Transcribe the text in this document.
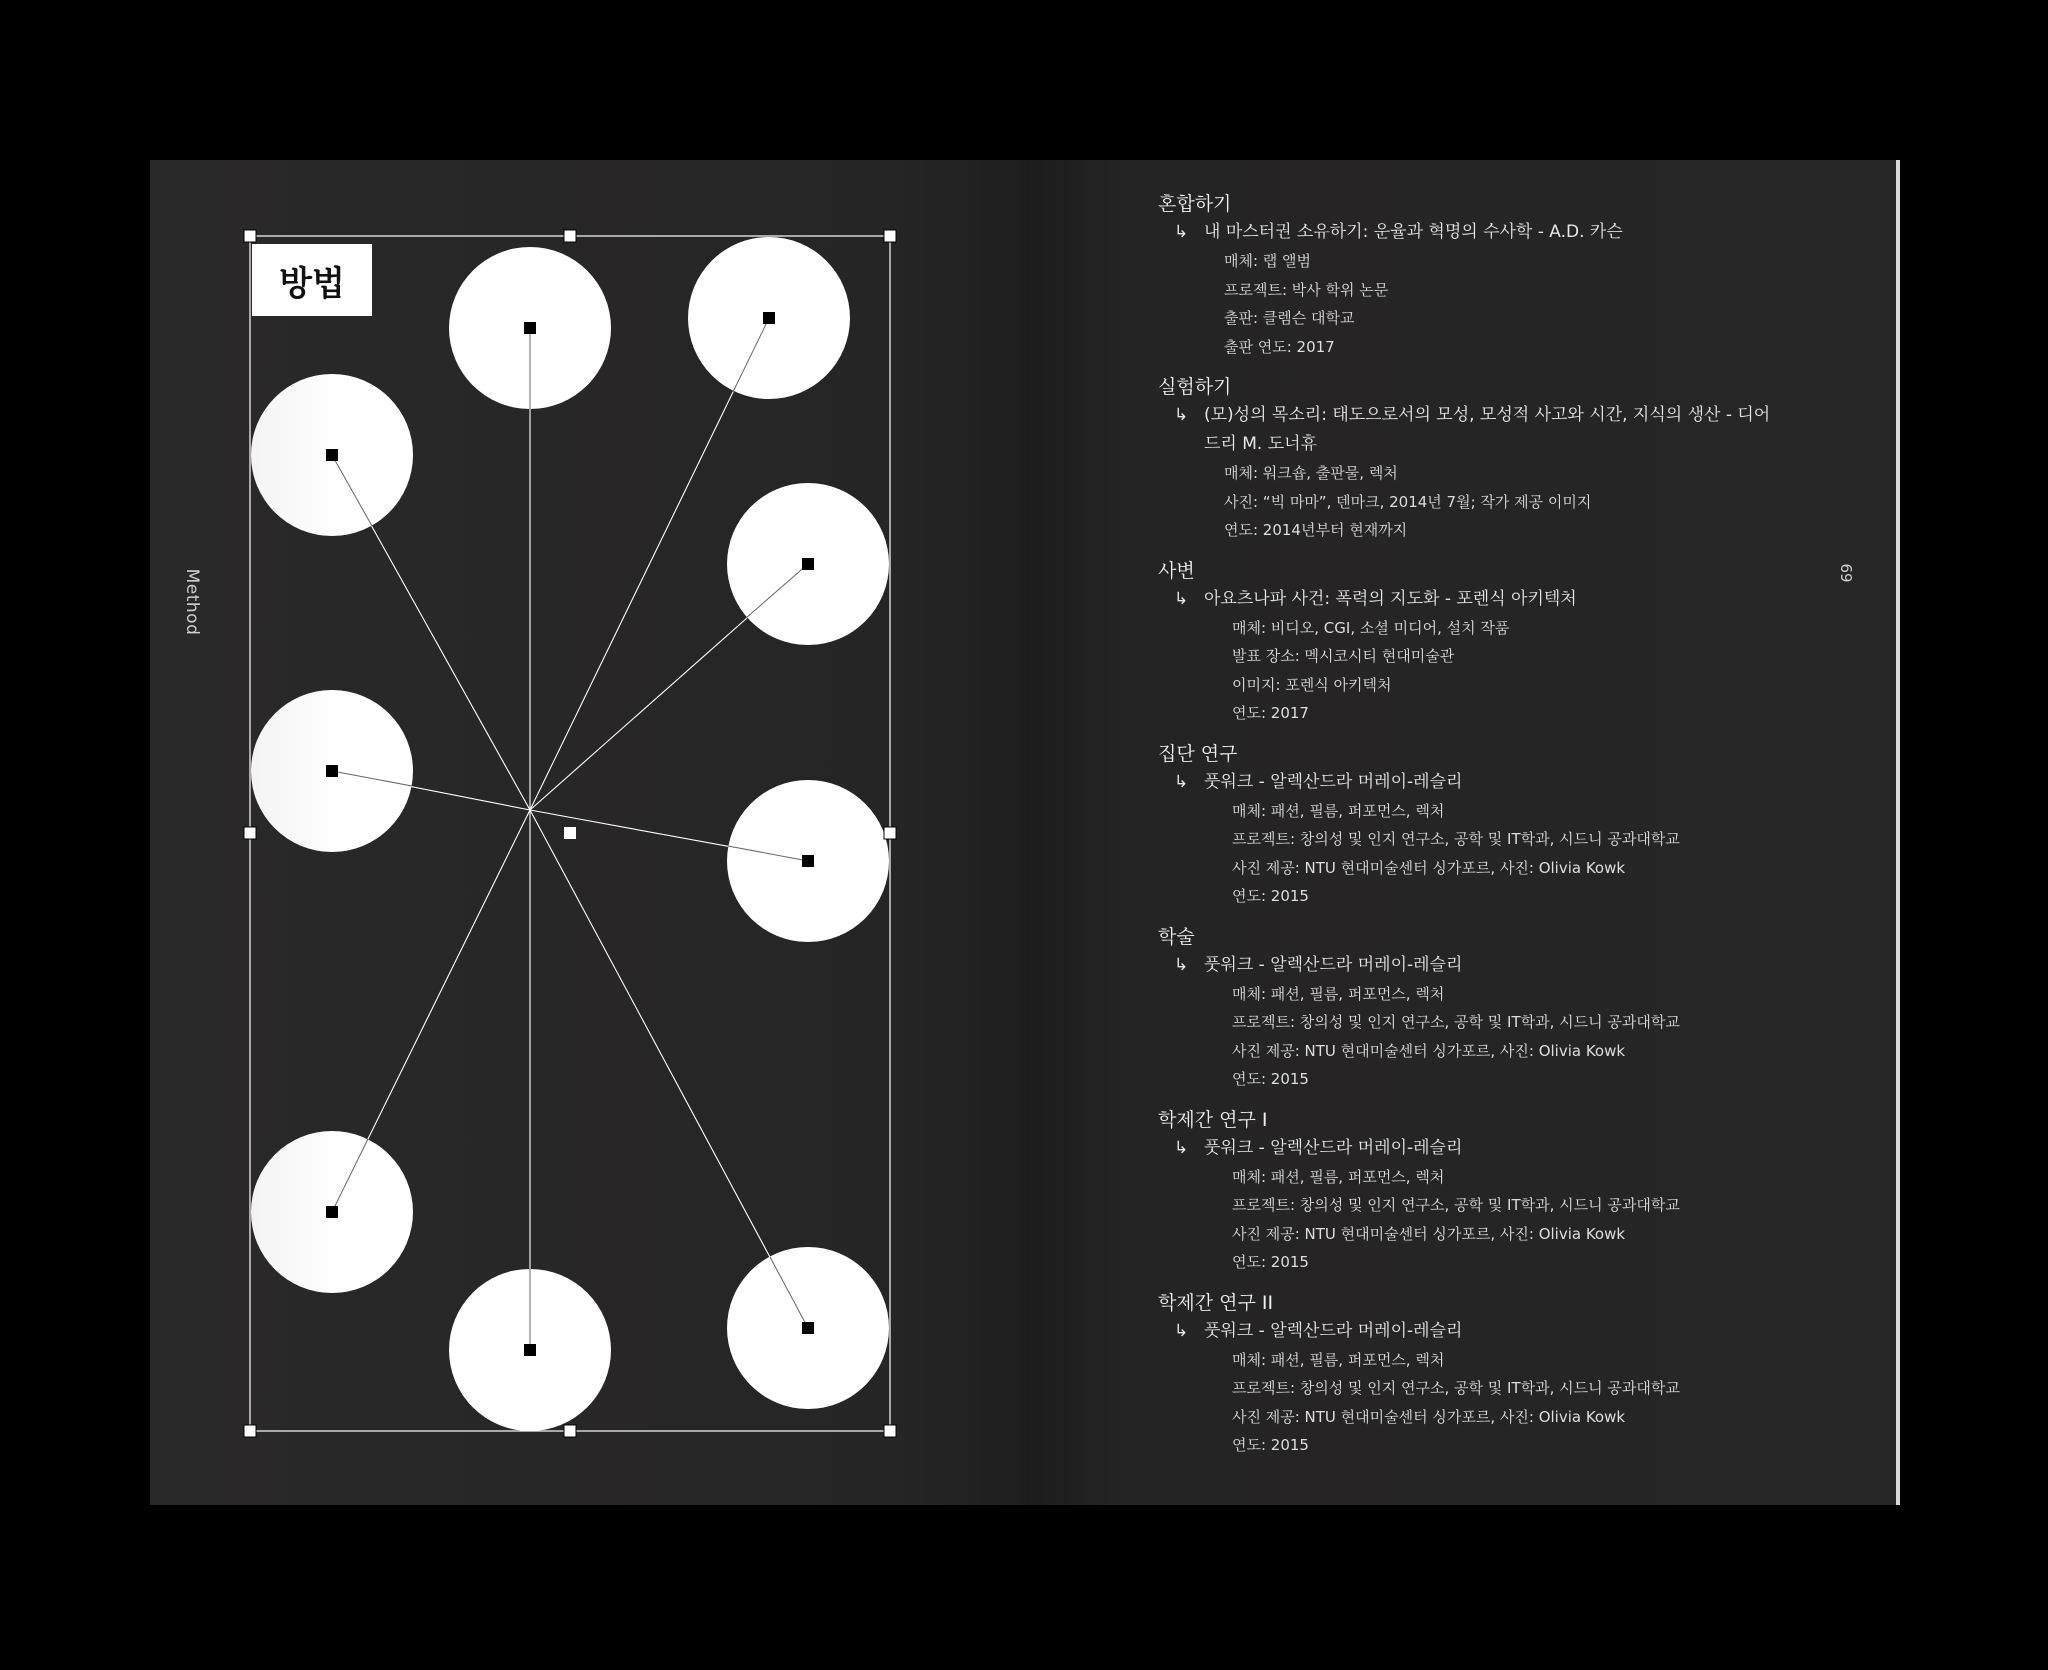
Method	69
방법
혼합하기
↳ 내 마스터권 소유하기: 운율과 혁명의 수사학 - A.D. 카슨
매체: 랩 앨범
프로젝트: 박사 학위 논문
출판: 클렘슨 대학교
출판 연도: 2017
실험하기
↳ (모)성의 목소리: 태도으로서의 모성, 모성적 사고와 시간, 지식의 생산 - 디어드리 M. 도너휴
매체: 워크숍, 출판물, 렉처
사진: “빅 마마”, 덴마크, 2014년 7월; 작가 제공 이미지
연도: 2014년부터 현재까지
사변
↳ 아요츠나파 사건: 폭력의 지도화 - 포렌식 아키텍처
매체: 비디오, CGI, 소셜 미디어, 설치 작품
발표 장소: 멕시코시티 현대미술관
이미지: 포렌식 아키텍처
연도: 2017
집단 연구
↳ 풋워크 - 알렉산드라 머레이-레슬리
매체: 패션, 필름, 퍼포먼스, 렉처
프로젝트: 창의성 및 인지 연구소, 공학 및 IT학과, 시드니 공과대학교
사진 제공: NTU 현대미술센터 싱가포르, 사진: Olivia Kowk
연도: 2015
학술
↳ 풋워크 - 알렉산드라 머레이-레슬리
매체: 패션, 필름, 퍼포먼스, 렉처
프로젝트: 창의성 및 인지 연구소, 공학 및 IT학과, 시드니 공과대학교
사진 제공: NTU 현대미술센터 싱가포르, 사진: Olivia Kowk
연도: 2015
학제간 연구 I
↳ 풋워크 - 알렉산드라 머레이-레슬리
매체: 패션, 필름, 퍼포먼스, 렉처
프로젝트: 창의성 및 인지 연구소, 공학 및 IT학과, 시드니 공과대학교
사진 제공: NTU 현대미술센터 싱가포르, 사진: Olivia Kowk
연도: 2015
학제간 연구 II
↳ 풋워크 - 알렉산드라 머레이-레슬리
매체: 패션, 필름, 퍼포먼스, 렉처
프로젝트: 창의성 및 인지 연구소, 공학 및 IT학과, 시드니 공과대학교
사진 제공: NTU 현대미술센터 싱가포르, 사진: Olivia Kowk
연도: 2015
